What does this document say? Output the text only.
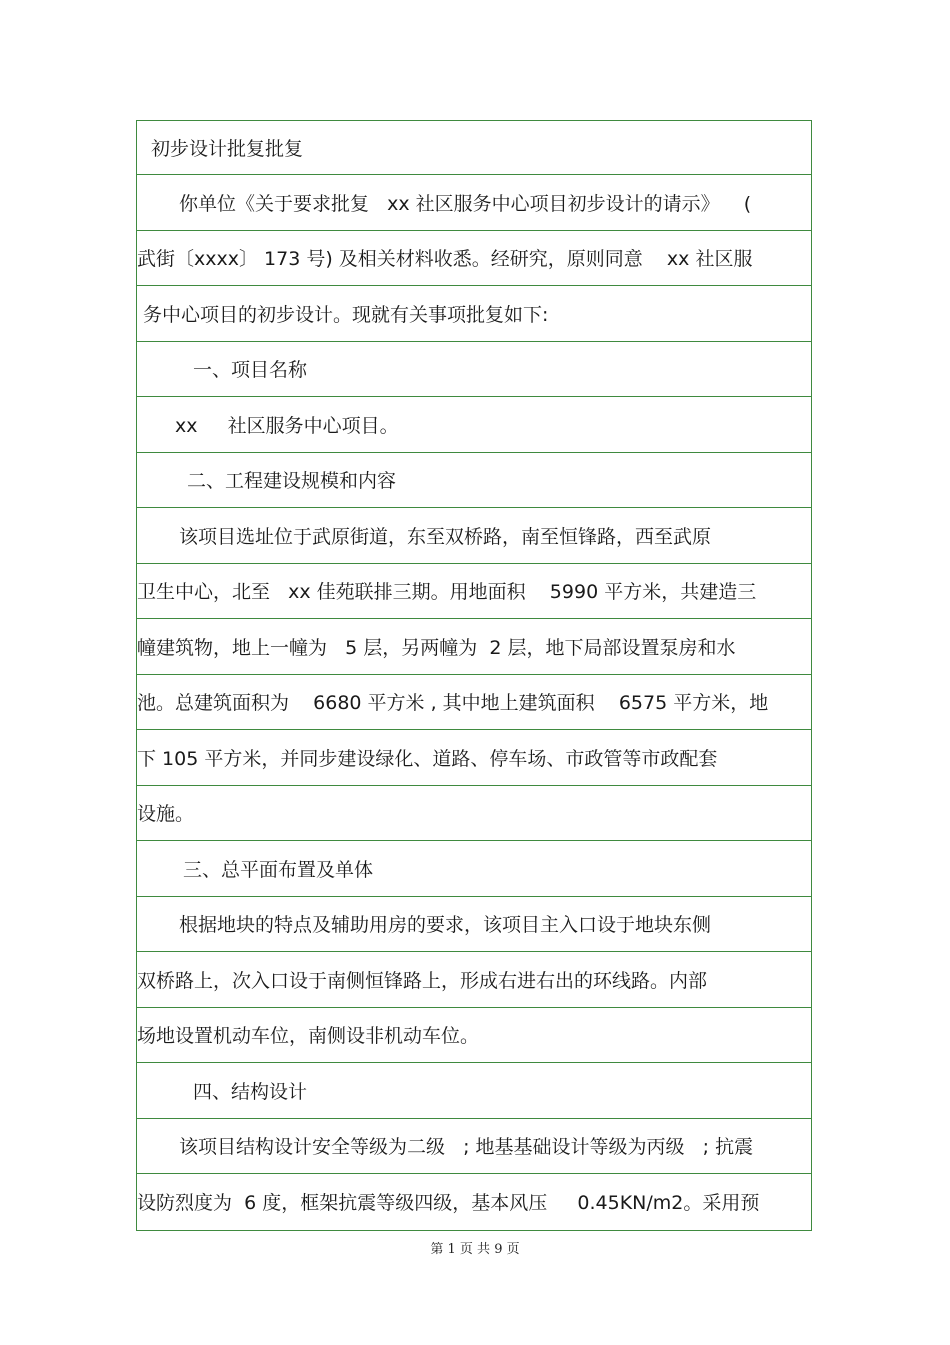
初步设计批复批复
你单位《关于要求批复   xx 社区服务中心项目初步设计的请示》    (
武街〔xxxx〕 173 号) 及相关材料收悉。经研究，原则同意    xx 社区服
务中心项目的初步设计。现就有关事项批复如下:
一、项目名称
xx     社区服务中心项目。
二、工程建设规模和内容
该项目选址位于武原街道，东至双桥路，南至恒锋路，西至武原
卫生中心，北至   xx 佳苑联排三期。用地面积    5990 平方米，共建造三
幢建筑物，地上一幢为   5 层，另两幢为  2 层，地下局部设置泵房和水
池。总建筑面积为    6680 平方米 , 其中地上建筑面积    6575 平方米，地
下 105 平方米，并同步建设绿化、道路、停车场、市政管等市政配套
设施。
三、总平面布置及单体
根据地块的特点及辅助用房的要求，该项目主入口设于地块东侧
双桥路上，次入口设于南侧恒锋路上，形成右进右出的环线路。内部
场地设置机动车位，南侧设非机动车位。
四、结构设计
该项目结构设计安全等级为二级   ; 地基基础设计等级为丙级   ; 抗震
设防烈度为  6 度，框架抗震等级四级，基本风压     0.45KN/m2。采用预
第 1 页 共 9 页
